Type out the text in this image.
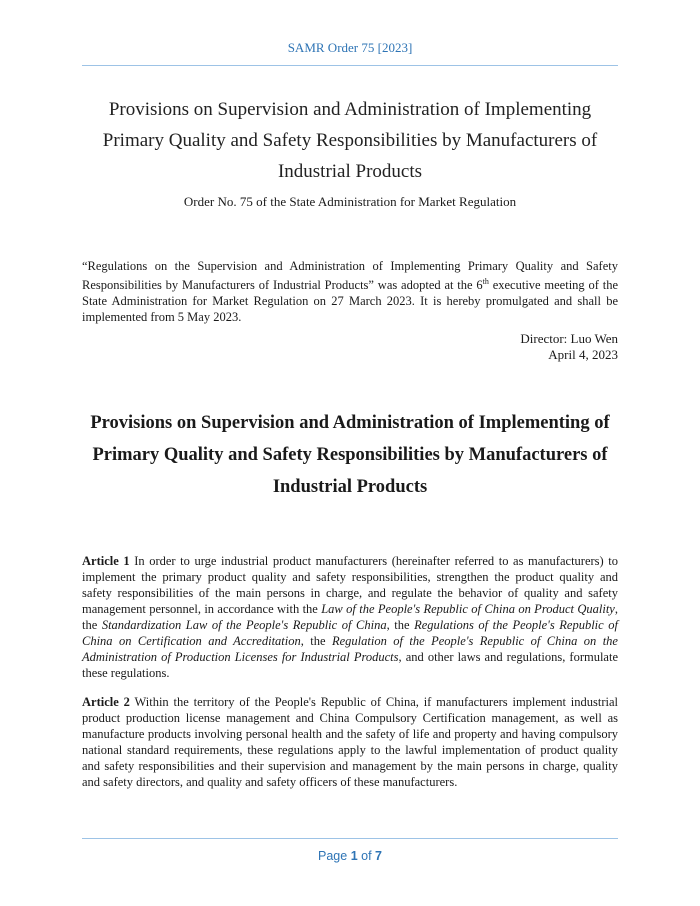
SAMR Order 75 [2023]
Provisions on Supervision and Administration of Implementing Primary Quality and Safety Responsibilities by Manufacturers of Industrial Products

Order No. 75 of the State Administration for Market Regulation

“Regulations on the Supervision and Administration of Implementing Primary Quality and Safety Responsibilities by Manufacturers of Industrial Products” was adopted at the 6th executive meeting of the State Administration for Market Regulation on 27 March 2023. It is hereby promulgated and shall be implemented from 5 May 2023.

Director: Luo Wen
April 4, 2023
Provisions on Supervision and Administration of Implementing of Primary Quality and Safety Responsibilities by Manufacturers of Industrial Products

Article 1 In order to urge industrial product manufacturers (hereinafter referred to as manufacturers) to implement the primary product quality and safety responsibilities, strengthen the product quality and safety responsibilities of the main persons in charge, and regulate the behavior of quality and safety management personnel, in accordance with the Law of the People's Republic of China on Product Quality, the Standardization Law of the People's Republic of China, the Regulations of the People's Republic of China on Certification and Accreditation, the Regulation of the People's Republic of China on the Administration of Production Licenses for Industrial Products, and other laws and regulations, formulate these regulations.

Article 2 Within the territory of the People's Republic of China, if manufacturers implement industrial product production license management and China Compulsory Certification management, as well as manufacture products involving personal health and the safety of life and property and having compulsory national standard requirements, these regulations apply to the lawful implementation of product quality and safety responsibilities and their supervision and management by the main persons in charge, quality and safety directors, and quality and safety officers of these manufacturers.

Page 1 of 7
